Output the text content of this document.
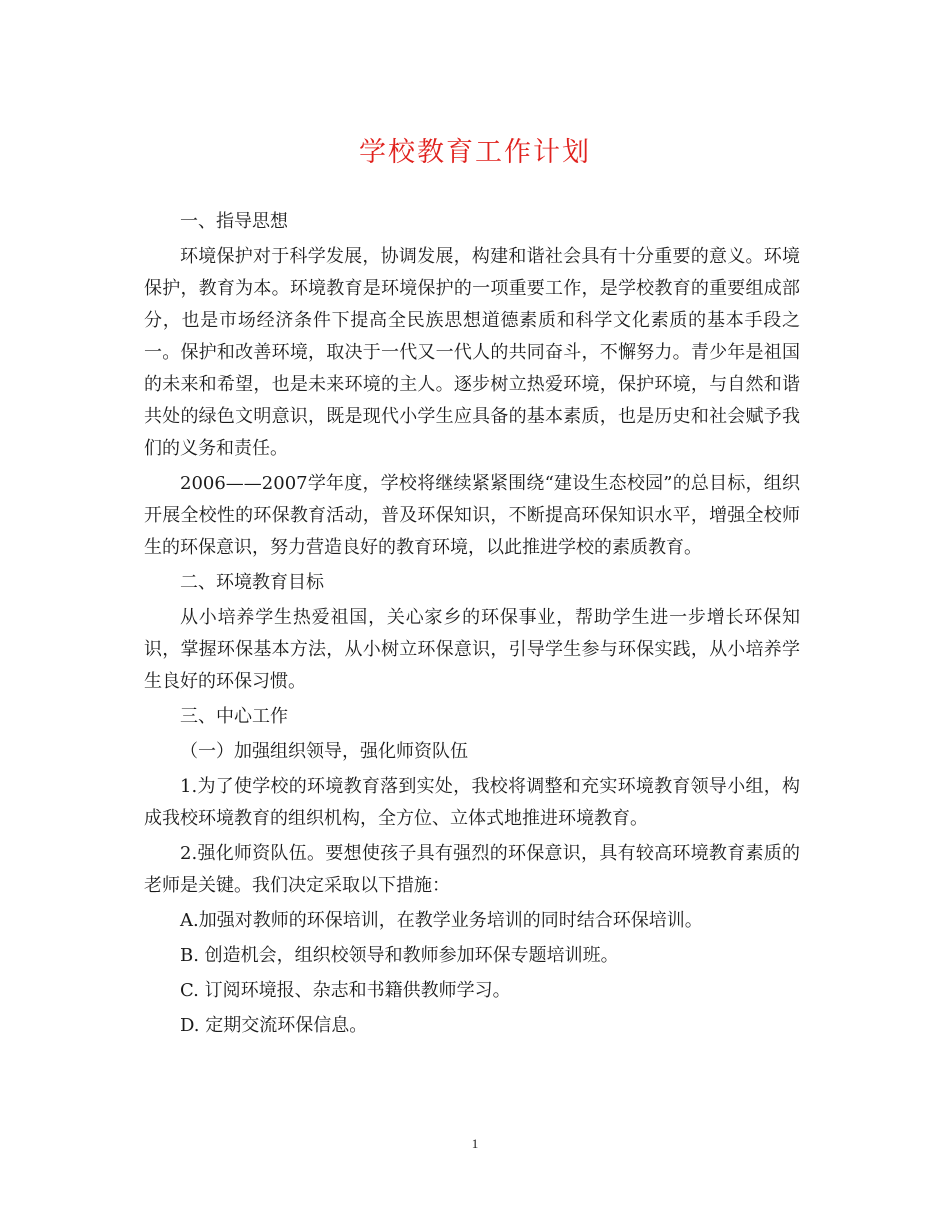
学校教育工作计划

一、指导思想

环境保护对于科学发展，协调发展，构建和谐社会具有十分重要的意义。环境保护，教育为本。环境教育是环境保护的一项重要工作，是学校教育的重要组成部分，也是市场经济条件下提高全民族思想道德素质和科学文化素质的基本手段之一。保护和改善环境，取决于一代又一代人的共同奋斗，不懈努力。青少年是祖国的未来和希望，也是未来环境的主人。逐步树立热爱环境，保护环境，与自然和谐共处的绿色文明意识，既是现代小学生应具备的基本素质，也是历史和社会赋予我们的义务和责任。

2006——2007学年度，学校将继续紧紧围绕“建设生态校园”的总目标，组织开展全校性的环保教育活动，普及环保知识，不断提高环保知识水平，增强全校师生的环保意识，努力营造良好的教育环境，以此推进学校的素质教育。

二、环境教育目标

从小培养学生热爱祖国，关心家乡的环保事业，帮助学生进一步增长环保知识，掌握环保基本方法，从小树立环保意识，引导学生参与环保实践，从小培养学生良好的环保习惯。

三、中心工作

（一）加强组织领导，强化师资队伍

1.为了使学校的环境教育落到实处，我校将调整和充实环境教育领导小组，构成我校环境教育的组织机构，全方位、立体式地推进环境教育。

2.强化师资队伍。要想使孩子具有强烈的环保意识，具有较高环境教育素质的老师是关键。我们决定采取以下措施：

A.加强对教师的环保培训，在教学业务培训的同时结合环保培训。

B. 创造机会，组织校领导和教师参加环保专题培训班。

C. 订阅环境报、杂志和书籍供教师学习。

D. 定期交流环保信息。

1
